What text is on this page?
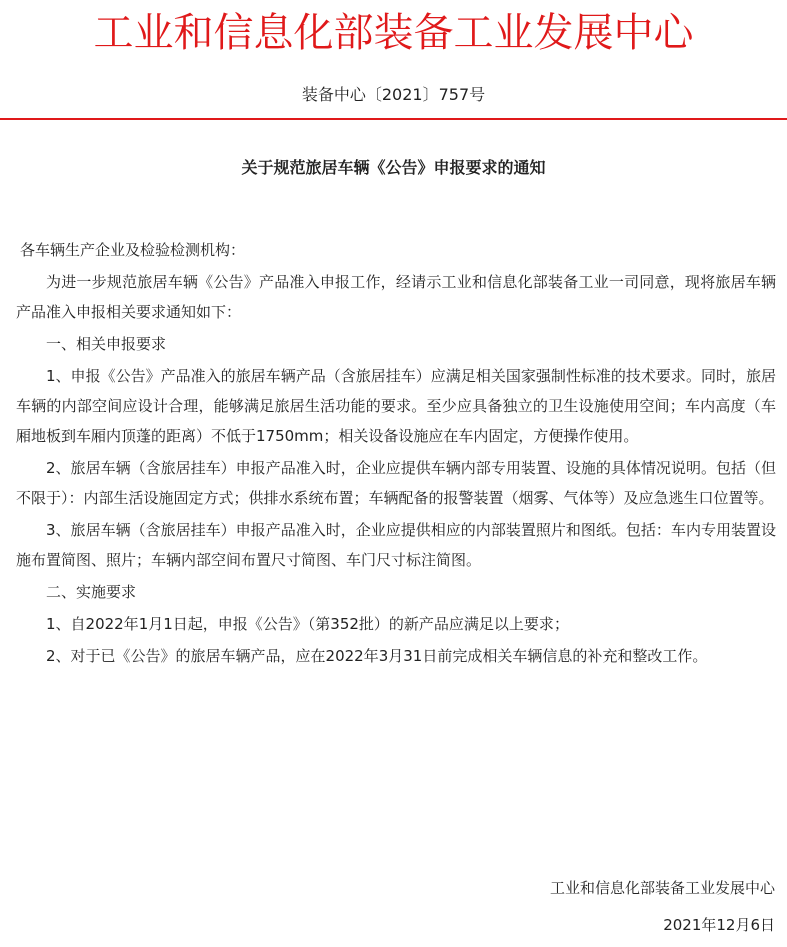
工业和信息化部装备工业发展中心
装备中心〔2021〕757号
关于规范旅居车辆《公告》申报要求的通知

各车辆生产企业及检验检测机构：

为进一步规范旅居车辆《公告》产品准入申报工作，经请示工业和信息化部装备工业一司同意，现将旅居车辆产品准入申报相关要求通知如下：

一、相关申报要求

1、申报《公告》产品准入的旅居车辆产品（含旅居挂车）应满足相关国家强制性标准的技术要求。同时，旅居车辆的内部空间应设计合理，能够满足旅居生活功能的要求。至少应具备独立的卫生设施使用空间；车内高度（车厢地板到车厢内顶蓬的距离）不低于1750mm；相关设备设施应在车内固定，方便操作使用。

2、旅居车辆（含旅居挂车）申报产品准入时，企业应提供车辆内部专用装置、设施的具体情况说明。包括（但不限于）：内部生活设施固定方式；供排水系统布置；车辆配备的报警装置（烟雾、气体等）及应急逃生口位置等。

3、旅居车辆（含旅居挂车）申报产品准入时，企业应提供相应的内部装置照片和图纸。包括：车内专用装置设施布置简图、照片；车辆内部空间布置尺寸简图、车门尺寸标注简图。

二、实施要求

1、自2022年1月1日起，申报《公告》（第352批）的新产品应满足以上要求；

2、对于已《公告》的旅居车辆产品，应在2022年3月31日前完成相关车辆信息的补充和整改工作。

工业和信息化部装备工业发展中心
2021年12月6日
